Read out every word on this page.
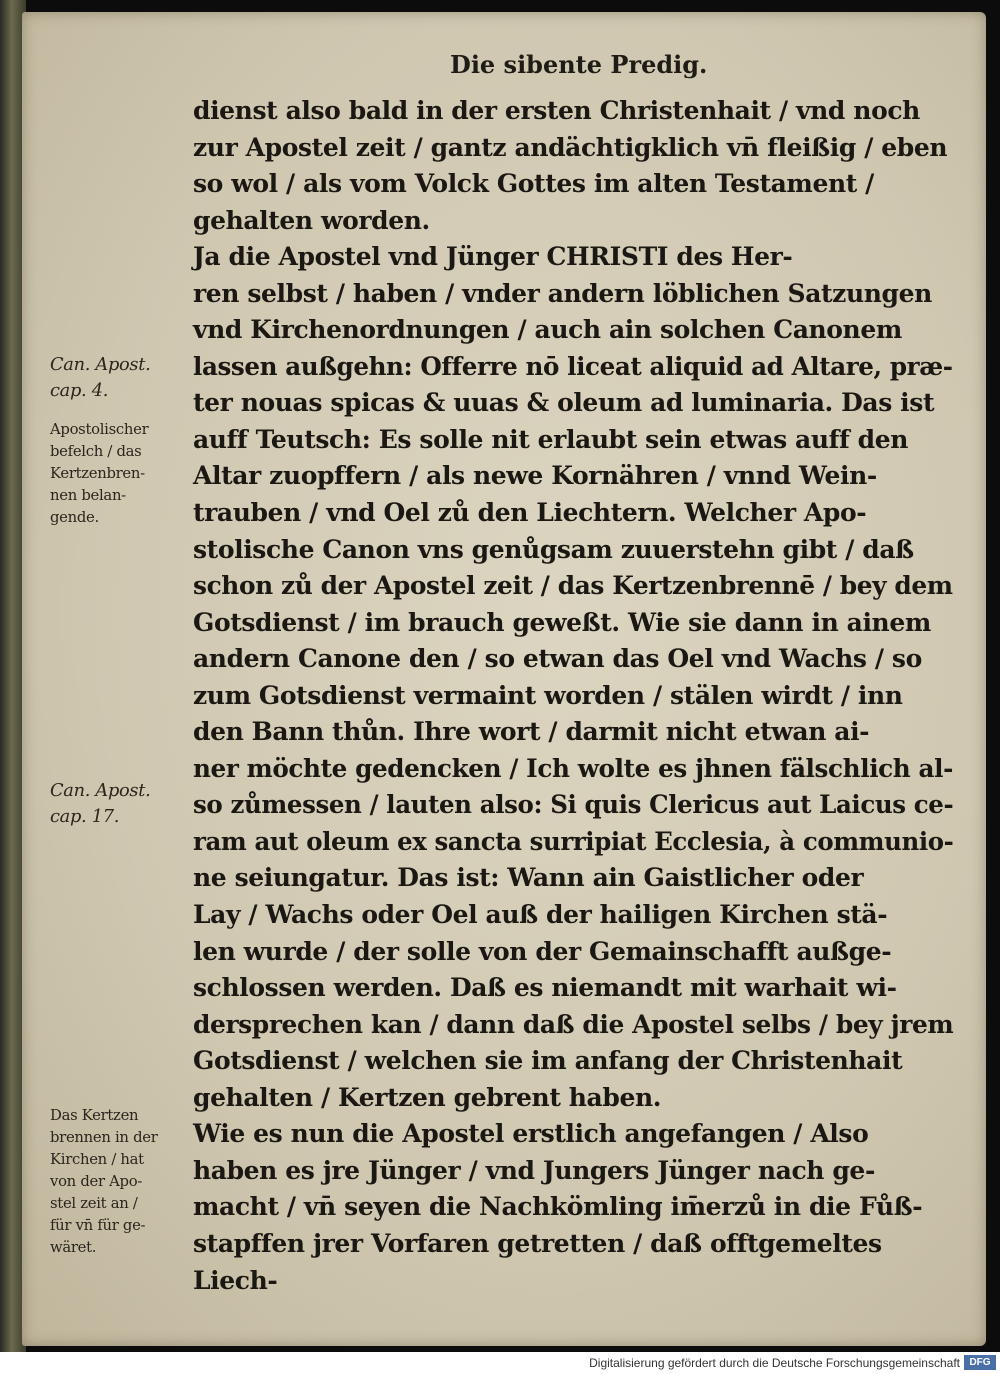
Die sibente Predig.
dienst also bald in der ersten Christenhait / vnd noch
zur Apostel zeit / gantz andächtigklich vn̄ fleißig / eben
so wol / als vom Volck Gottes im alten Testament /
gehalten worden.
Ja die Apostel vnd Jünger CHRISTI des Her-
ren selbst / haben / vnder andern löblichen Satzungen
vnd Kirchenordnungen / auch ain solchen Canonem
lassen außgehn: Offerre nō liceat aliquid ad Altare, præ-
ter nouas spicas & uuas & oleum ad luminaria. Das ist
auff Teutsch: Es solle nit erlaubt sein etwas auff den
Altar zuopffern / als newe Kornähren / vnnd Wein-
trauben / vnd Oel zů den Liechtern. Welcher Apo-
stolische Canon vns genůgsam zuuerstehn gibt / daß
schon zů der Apostel zeit / das Kertzenbrennē / bey dem
Gotsdienst / im brauch geweßt. Wie sie dann in ainem
andern Canone den / so etwan das Oel vnd Wachs / so
zum Gotsdienst vermaint worden / stälen wirdt / inn
den Bann thůn. Ihre wort / darmit nicht etwan ai-
ner möchte gedencken / Ich wolte es jhnen fälschlich al-
so zůmessen / lauten also: Si quis Clericus aut Laicus ce-
ram aut oleum ex sancta surripiat Ecclesia, à communio-
ne seiungatur. Das ist: Wann ain Gaistlicher oder
Lay / Wachs oder Oel auß der hailigen Kirchen stä-
len wurde / der solle von der Gemainschafft außge-
schlossen werden. Daß es niemandt mit warhait wi-
dersprechen kan / dann daß die Apostel selbs / bey jrem
Gotsdienst / welchen sie im anfang der Christenhait
gehalten / Kertzen gebrent haben.
Wie es nun die Apostel erstlich angefangen / Also
haben es jre Jünger / vnd Jungers Jünger nach ge-
macht / vn̄ seyen die Nachkömling im̄erzů in die Fůß-
stapffen jrer Vorfaren getretten / daß offtgemeltes
Liech-
Can. Apost.
cap. 4.
Apostolischer
befelch / das
Kertzenbren-
nen belan-
gende.
Can. Apost.
cap. 17.
Das Kertzen
brennen in der
Kirchen / hat
von der Apo-
stel zeit an /
für vn̄ für ge-
wäret.
Digitalisierung gefördert durch die Deutsche Forschungsgemeinschaft DFG
